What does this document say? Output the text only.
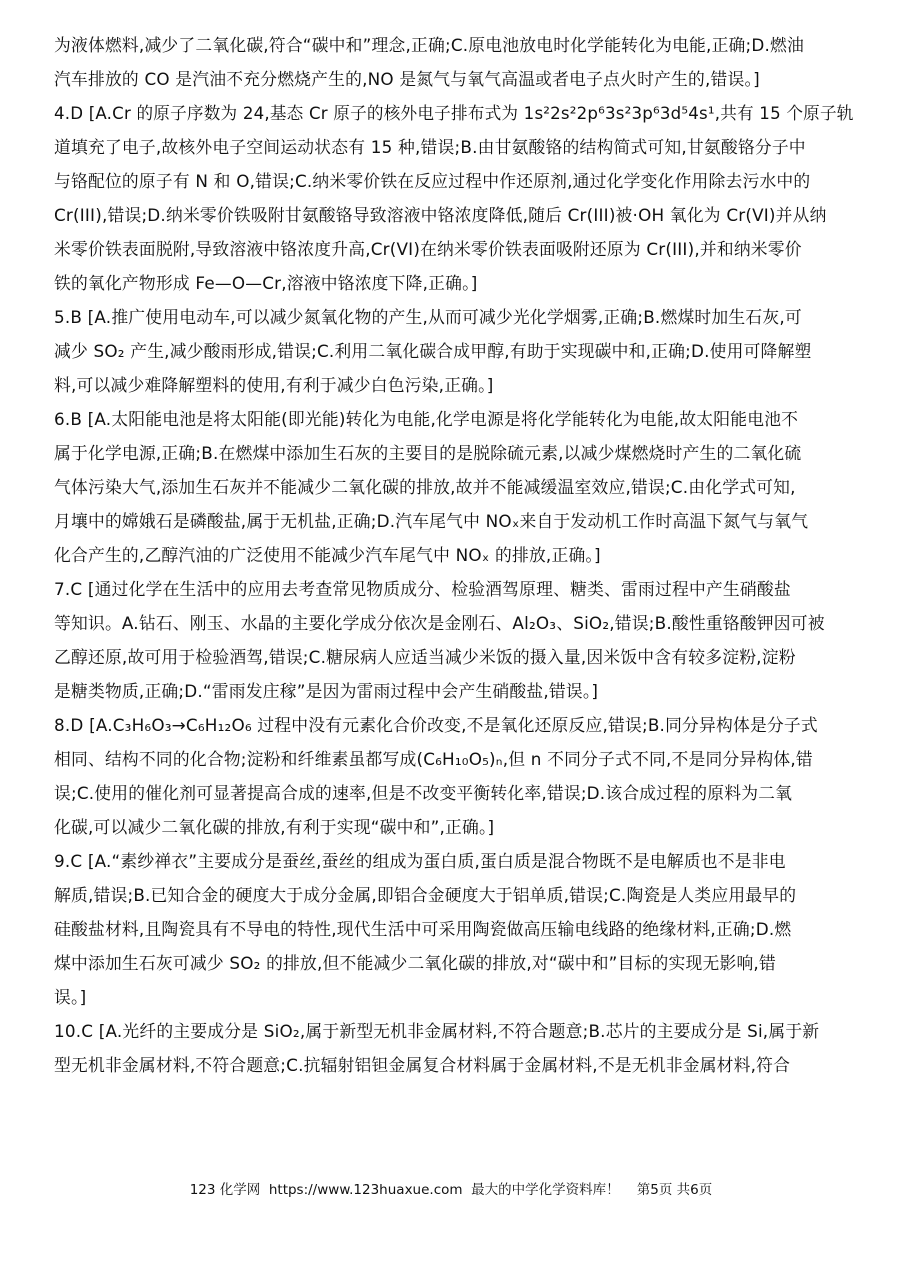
为液体燃料,减少了二氧化碳,符合“碳中和”理念,正确;C.原电池放电时化学能转化为电能,正确;D.燃油
汽车排放的 CO 是汽油不充分燃烧产生的,NO 是氮气与氧气高温或者电子点火时产生的,错误。]
4.D [A.Cr 的原子序数为 24,基态 Cr 原子的核外电子排布式为 1s²2s²2p⁶3s²3p⁶3d⁵4s¹,共有 15 个原子轨
道填充了电子,故核外电子空间运动状态有 15 种,错误;B.由甘氨酸铬的结构简式可知,甘氨酸铬分子中
与铬配位的原子有 N 和 O,错误;C.纳米零价铁在反应过程中作还原剂,通过化学变化作用除去污水中的
Cr(III),错误;D.纳米零价铁吸附甘氨酸铬导致溶液中铬浓度降低,随后 Cr(III)被·OH 氧化为 Cr(VI)并从纳
米零价铁表面脱附,导致溶液中铬浓度升高,Cr(VI)在纳米零价铁表面吸附还原为 Cr(III),并和纳米零价
铁的氧化产物形成 Fe—O—Cr,溶液中铬浓度下降,正确。]
5.B [A.推广使用电动车,可以减少氮氧化物的产生,从而可减少光化学烟雾,正确;B.燃煤时加生石灰,可
减少 SO₂ 产生,减少酸雨形成,错误;C.利用二氧化碳合成甲醇,有助于实现碳中和,正确;D.使用可降解塑
料,可以减少难降解塑料的使用,有利于减少白色污染,正确。]
6.B [A.太阳能电池是将太阳能(即光能)转化为电能,化学电源是将化学能转化为电能,故太阳能电池不
属于化学电源,正确;B.在燃煤中添加生石灰的主要目的是脱除硫元素,以减少煤燃烧时产生的二氧化硫
气体污染大气,添加生石灰并不能减少二氧化碳的排放,故并不能减缓温室效应,错误;C.由化学式可知,
月壤中的嫦娥石是磷酸盐,属于无机盐,正确;D.汽车尾气中 NOₓ来自于发动机工作时高温下氮气与氧气
化合产生的,乙醇汽油的广泛使用不能减少汽车尾气中 NOₓ 的排放,正确。]
7.C [通过化学在生活中的应用去考查常见物质成分、检验酒驾原理、糖类、雷雨过程中产生硝酸盐
等知识。A.钻石、刚玉、水晶的主要化学成分依次是金刚石、Al₂O₃、SiO₂,错误;B.酸性重铬酸钾因可被
乙醇还原,故可用于检验酒驾,错误;C.糖尿病人应适当减少米饭的摄入量,因米饭中含有较多淀粉,淀粉
是糖类物质,正确;D.“雷雨发庄稼”是因为雷雨过程中会产生硝酸盐,错误。]
8.D [A.C₃H₆O₃→C₆H₁₂O₆ 过程中没有元素化合价改变,不是氧化还原反应,错误;B.同分异构体是分子式
相同、结构不同的化合物;淀粉和纤维素虽都写成(C₆H₁₀O₅)ₙ,但 n 不同分子式不同,不是同分异构体,错
误;C.使用的催化剂可显著提高合成的速率,但是不改变平衡转化率,错误;D.该合成过程的原料为二氧
化碳,可以减少二氧化碳的排放,有利于实现“碳中和”,正确。]
9.C [A.“素纱禅衣”主要成分是蚕丝,蚕丝的组成为蛋白质,蛋白质是混合物既不是电解质也不是非电
解质,错误;B.已知合金的硬度大于成分金属,即铝合金硬度大于铝单质,错误;C.陶瓷是人类应用最早的
硅酸盐材料,且陶瓷具有不导电的特性,现代生活中可采用陶瓷做高压输电线路的绝缘材料,正确;D.燃
煤中添加生石灰可减少 SO₂ 的排放,但不能减少二氧化碳的排放,对“碳中和”目标的实现无影响,错
误。]
10.C [A.光纤的主要成分是 SiO₂,属于新型无机非金属材料,不符合题意;B.芯片的主要成分是 Si,属于新
型无机非金属材料,不符合题意;C.抗辐射铝钽金属复合材料属于金属材料,不是无机非金属材料,符合
123 化学网  https://www.123huaxue.com  最大的中学化学资料库！ 第5页 共6页
